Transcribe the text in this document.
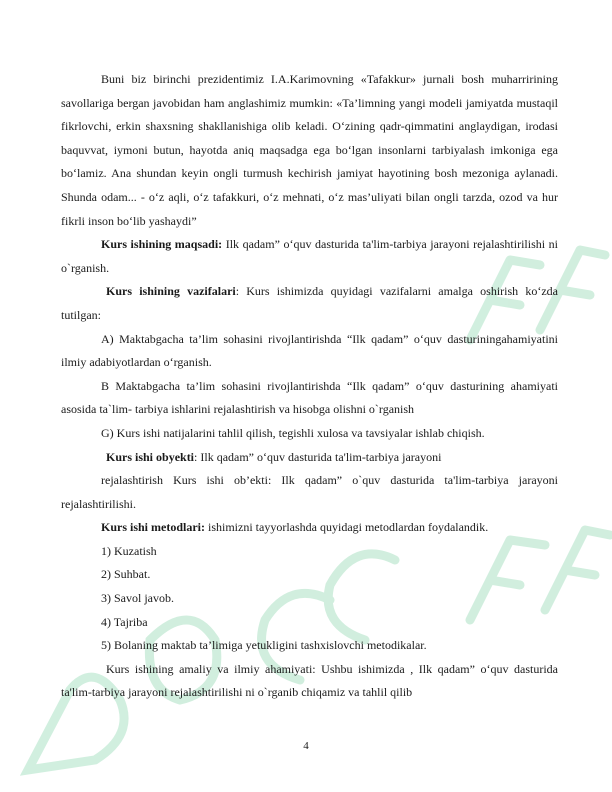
Buni biz birinchi prezidentimiz I.A.Karimovning «Tafakkur» jurnali bosh muharririning savollariga bergan javobidan ham anglashimiz mumkin: «Ta’limning yangi modeli jamiyatda mustaqil fikrlovchi, erkin shaxsning shakllanishiga olib keladi. O‘zining qadr-qimmatini anglaydigan, irodasi baquvvat, iymoni butun, hayotda aniq maqsadga ega bo‘lgan insonlarni tarbiyalash imkoniga ega bo‘lamiz. Ana shundan keyin ongli turmush kechirish jamiyat hayotining bosh mezoniga aylanadi. Shunda odam... - o‘z aqli, o‘z tafakkuri, o‘z mehnati, o‘z mas’uliyati bilan ongli tarzda, ozod va hur fikrli inson bo‘lib yashaydi”

Kurs ishining maqsadi: Ilk qadam” o‘quv dasturida ta'lim-tarbiya jarayoni rejalashtirilishi ni o`rganish.

Kurs ishining vazifalari: Kurs ishimizda quyidagi vazifalarni amalga oshirish ko‘zda tutilgan:

A) Maktabgacha ta’lim sohasini rivojlantirishda “Ilk qadam” o‘quv dasturiningahamiyatini ilmiy adabiyotlardan o‘rganish.

B Maktabgacha ta’lim sohasini rivojlantirishda “Ilk qadam” o‘quv dasturining ahamiyati asosida ta`lim- tarbiya ishlarini rejalashtirish va hisobga olishni o`rganish

G) Kurs ishi natijalarini tahlil qilish, tegishli xulosa va tavsiyalar ishlab chiqish.

Kurs ishi obyekti: Ilk qadam” o‘quv dasturida ta'lim-tarbiya jarayoni

rejalashtirish Kurs ishi ob’ekti: Ilk qadam” o`quv dasturida ta'lim-tarbiya jarayoni rejalashtirilishi.

Kurs ishi metodlari: ishimizni tayyorlashda quyidagi metodlardan foydalandik.

1) Kuzatish

2) Suhbat.

3) Savol javob.

4) Tajriba

5) Bolaning maktab ta’limiga yetukligini tashxislovchi metodikalar.

Kurs ishining amaliy va ilmiy ahamiyati: Ushbu ishimizda , Ilk qadam” o‘quv dasturida ta'lim-tarbiya jarayoni rejalashtirilishi ni o`rganib chiqamiz va tahlil qilib

4
